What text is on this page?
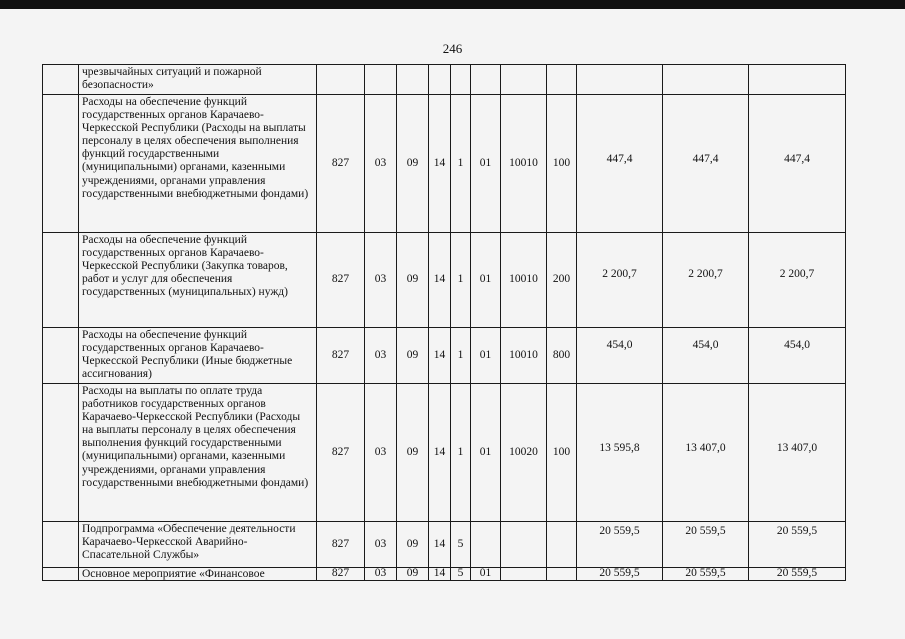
246
	чрезвычайных ситуаций и пожарной безопасности»									

	Расходы на обеспечение функций государственных органов Карачаево-Черкесской Республики (Расходы на выплаты персоналу в целях обеспечения выполнения функций государственными (муниципальными) органами, казенными учреждениями, органами управления государственными внебюджетными фондами)	827	03	09	14	1	01	10010	100	447,4	447,4	447,4

	Расходы на обеспечение функций государственных органов Карачаево-Черкесской Республики (Закупка товаров, работ и услуг для обеспечения государственных (муниципальных) нужд)	827	03	09	14	1	01	10010	200	2 200,7	2 200,7	2 200,7

	Расходы на обеспечение функций государственных органов Карачаево-Черкесской Республики (Иные бюджетные ассигнования)	827	03	09	14	1	01	10010	800	454,0	454,0	454,0

	Расходы на выплаты по оплате труда работников государственных органов Карачаево-Черкесской Республики (Расходы на выплаты персоналу в целях обеспечения выполнения функций государственными (муниципальными) органами, казенными учреждениями, органами управления государственными внебюджетными фондами)	827	03	09	14	1	01	10020	100	13 595,8	13 407,0	13 407,0

	Подпрограмма «Обеспечение деятельности Карачаево-Черкесской Аварийно-Спасательной Службы»	827	03	09	14	5				20 559,5	20 559,5	20 559,5

	Основное мероприятие «Финансовое	827	03	09	14	5	01			20 559,5	20 559,5	20 559,5
